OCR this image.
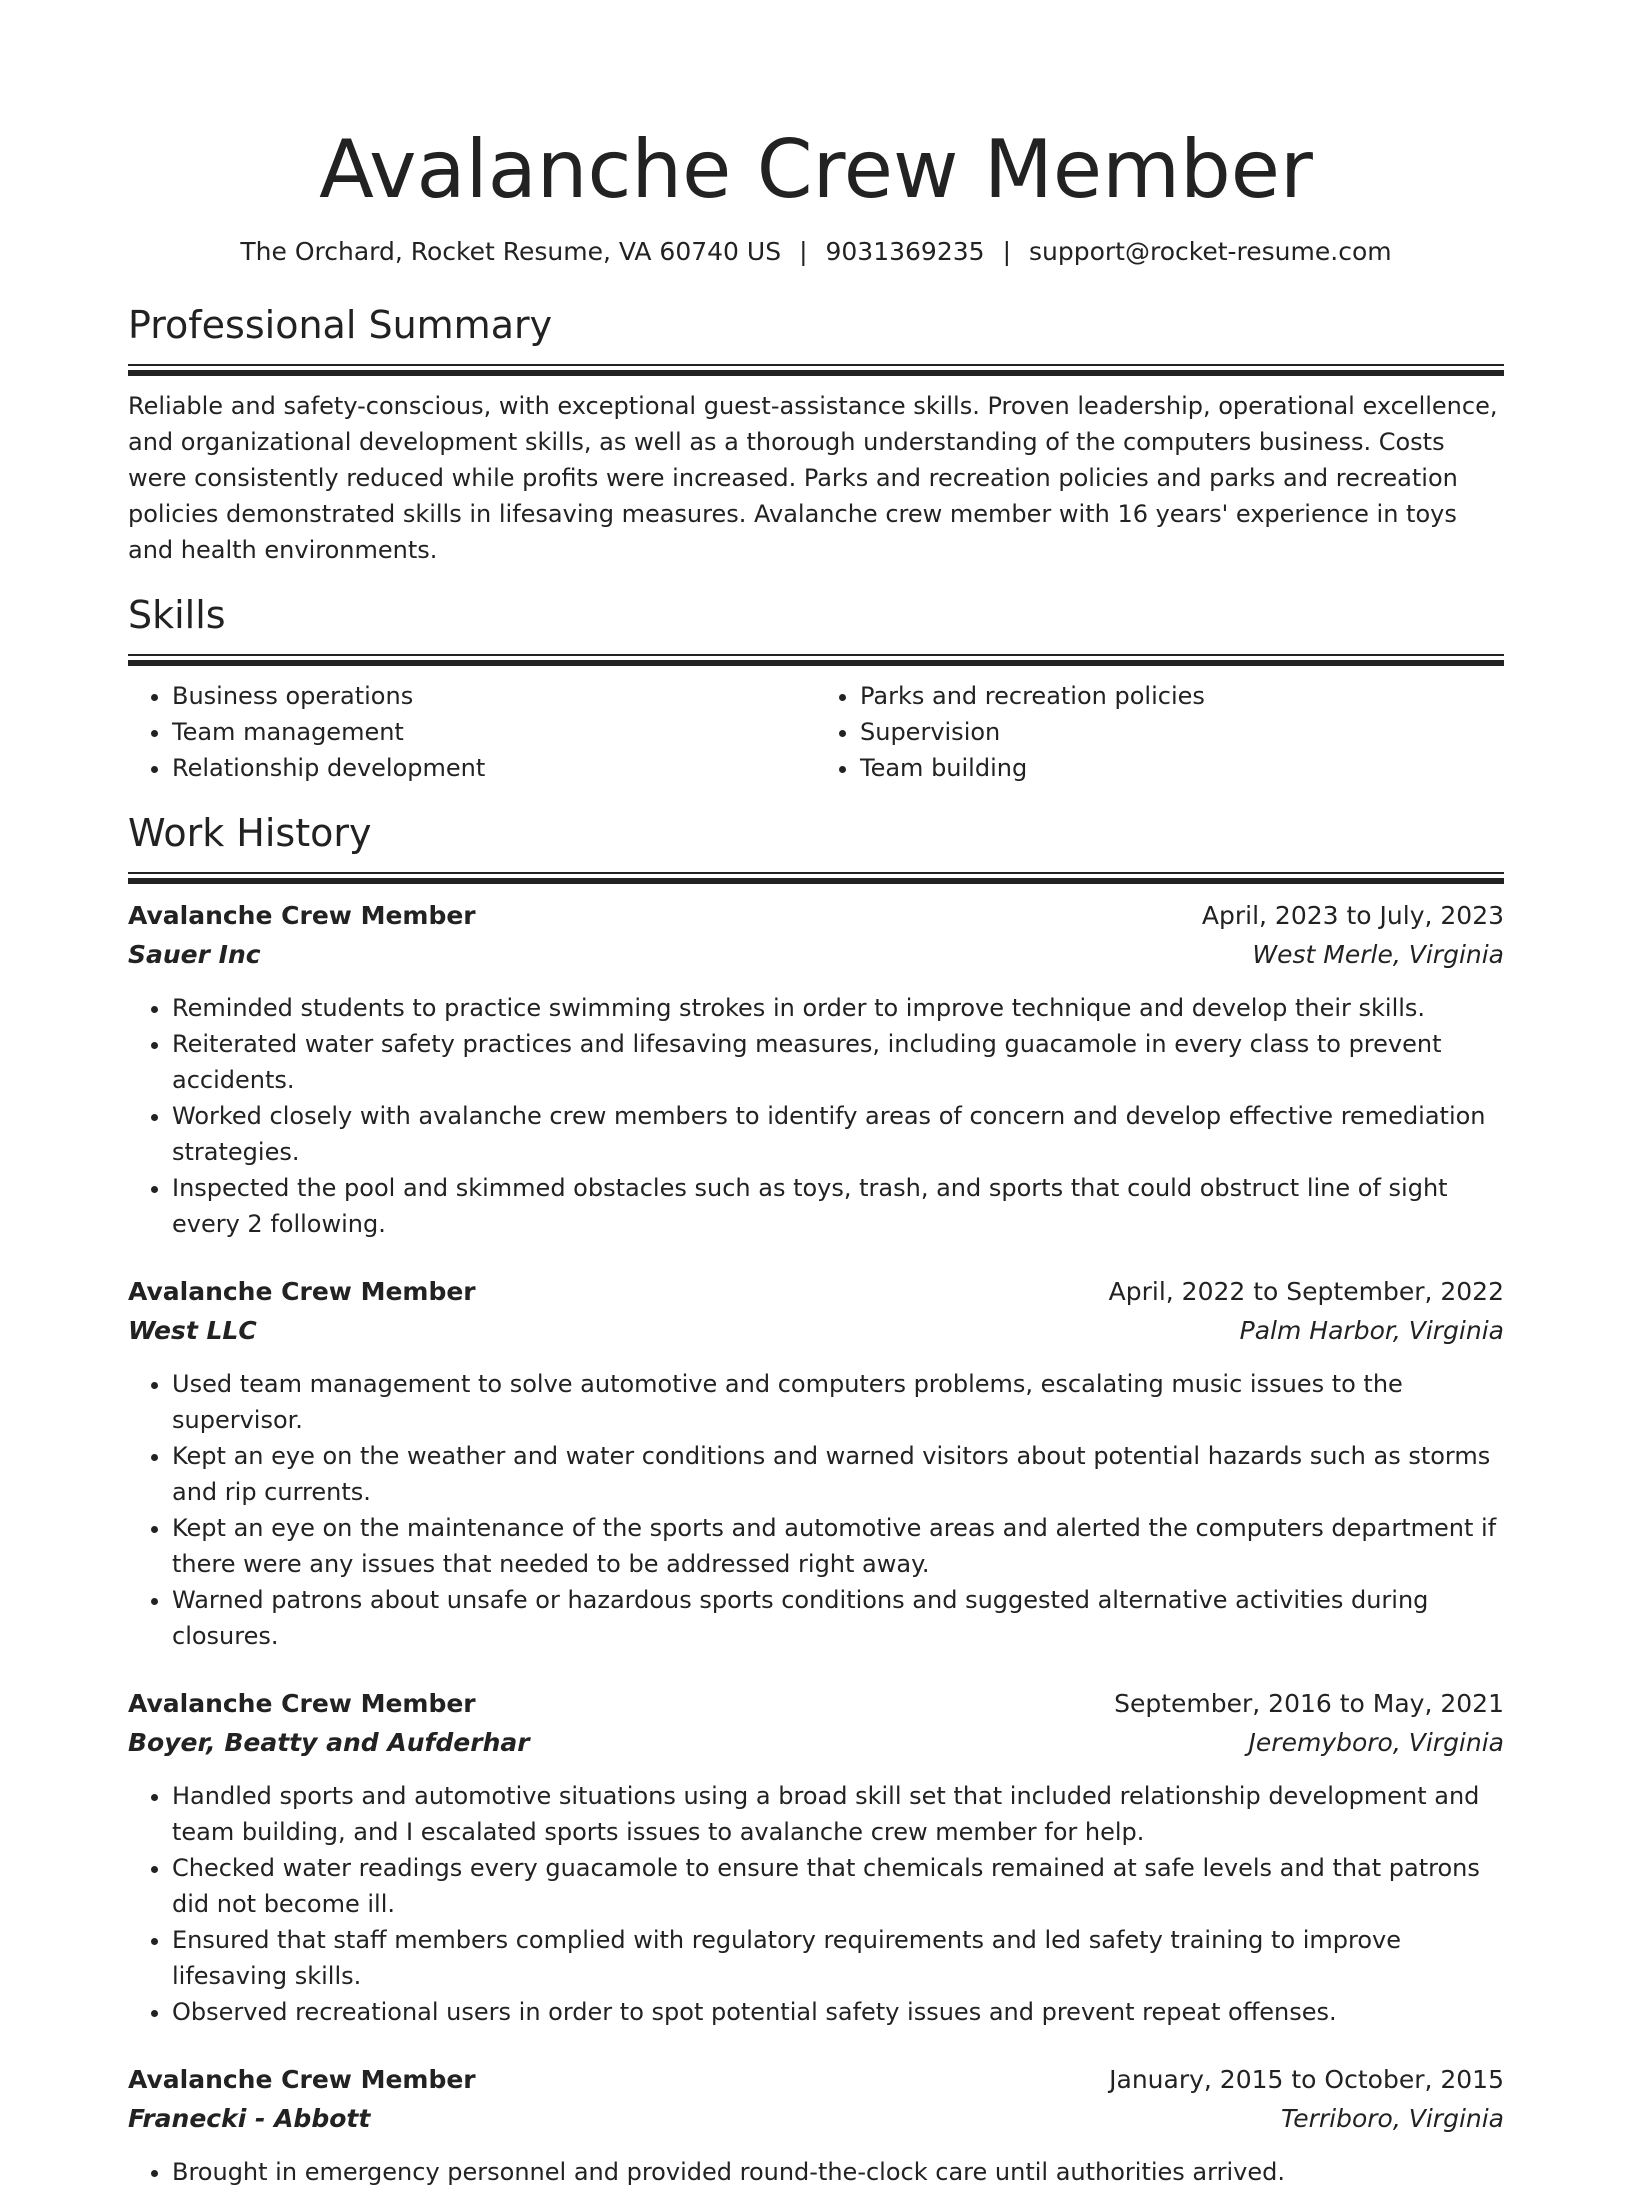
Avalanche Crew Member
The Orchard, Rocket Resume, VA 60740 US | 9031369235 | support@rocket-resume.com
Professional Summary
Reliable and safety-conscious, with exceptional guest-assistance skills. Proven leadership, operational excellence, and organizational development skills, as well as a thorough understanding of the computers business. Costs were consistently reduced while profits were increased. Parks and recreation policies and parks and recreation policies demonstrated skills in lifesaving measures. Avalanche crew member with 16 years' experience in toys and health environments.
Skills
• Business operations
• Team management
• Relationship development
• Parks and recreation policies
• Supervision
• Team building
Work History
Avalanche Crew Member	April, 2023 to July, 2023
Sauer Inc	West Merle, Virginia
• Reminded students to practice swimming strokes in order to improve technique and develop their skills.
• Reiterated water safety practices and lifesaving measures, including guacamole in every class to prevent accidents.
• Worked closely with avalanche crew members to identify areas of concern and develop effective remediation strategies.
• Inspected the pool and skimmed obstacles such as toys, trash, and sports that could obstruct line of sight every 2 following.
Avalanche Crew Member	April, 2022 to September, 2022
West LLC	Palm Harbor, Virginia
• Used team management to solve automotive and computers problems, escalating music issues to the supervisor.
• Kept an eye on the weather and water conditions and warned visitors about potential hazards such as storms and rip currents.
• Kept an eye on the maintenance of the sports and automotive areas and alerted the computers department if there were any issues that needed to be addressed right away.
• Warned patrons about unsafe or hazardous sports conditions and suggested alternative activities during closures.
Avalanche Crew Member	September, 2016 to May, 2021
Boyer, Beatty and Aufderhar	Jeremyboro, Virginia
• Handled sports and automotive situations using a broad skill set that included relationship development and team building, and I escalated sports issues to avalanche crew member for help.
• Checked water readings every guacamole to ensure that chemicals remained at safe levels and that patrons did not become ill.
• Ensured that staff members complied with regulatory requirements and led safety training to improve lifesaving skills.
• Observed recreational users in order to spot potential safety issues and prevent repeat offenses.
Avalanche Crew Member	January, 2015 to October, 2015
Franecki - Abbott	Terriboro, Virginia
• Brought in emergency personnel and provided round-the-clock care until authorities arrived.
